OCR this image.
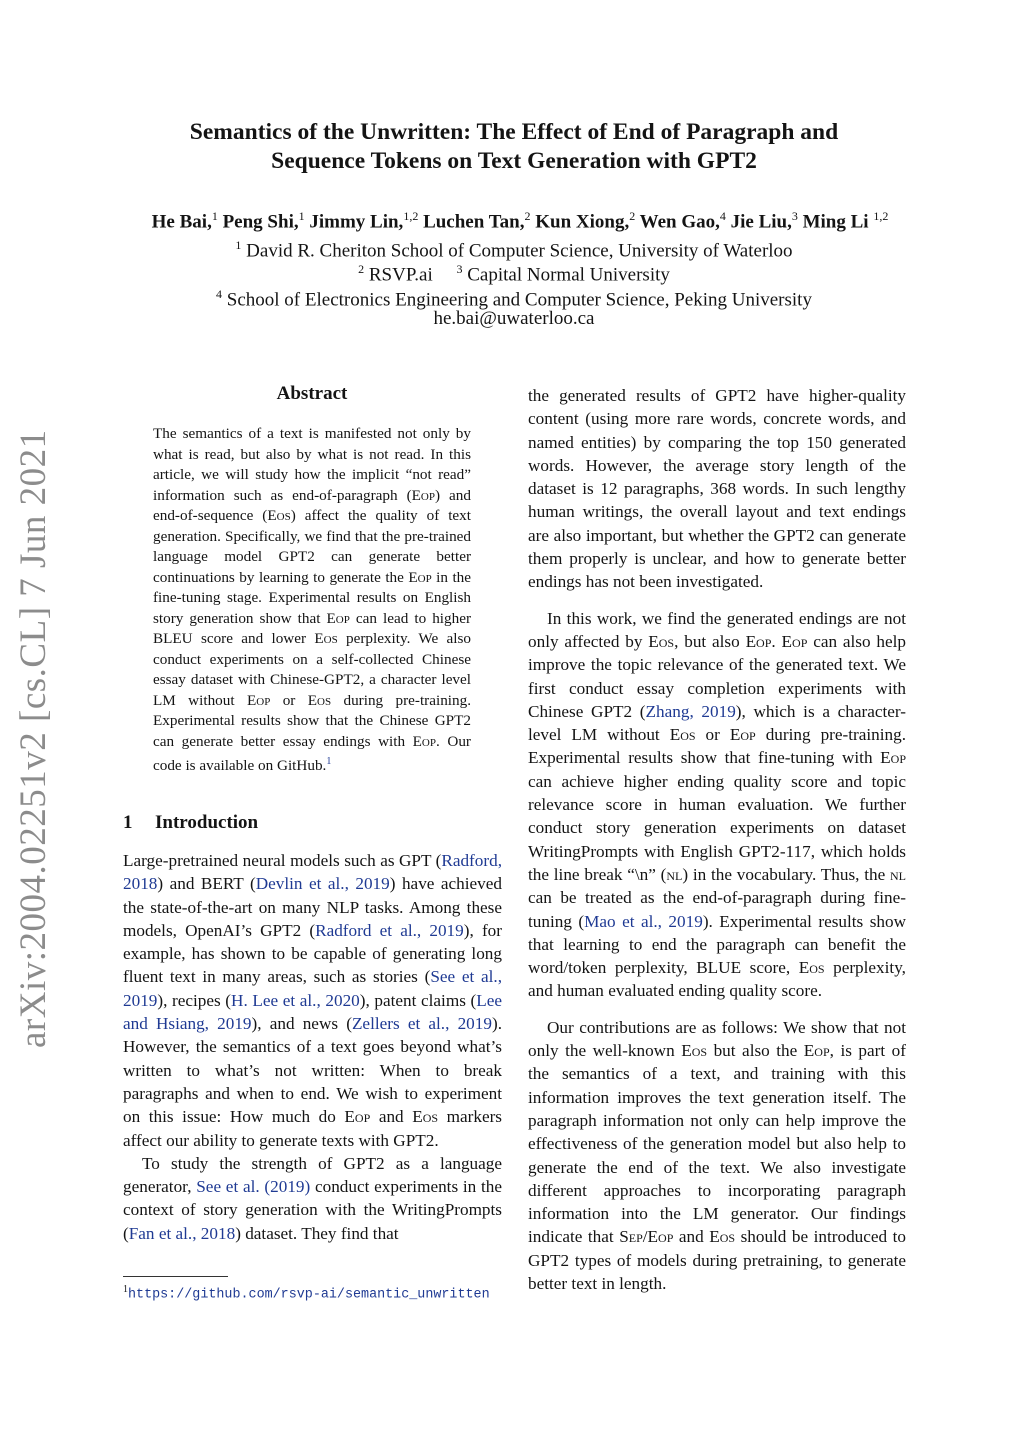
arXiv:2004.02251v2 [cs.CL] 7 Jun 2021
Semantics of the Unwritten: The Effect of End of Paragraph and
Sequence Tokens on Text Generation with GPT2
He Bai,$^1$ Peng Shi,$^1$ Jimmy Lin,$^{1,2}$ Luchen Tan,$^2$ Kun Xiong,$^2$ Wen Gao,$^4$ Jie Liu,$^3$ Ming Li $^{1,2}$
$^1$ David R. Cheriton School of Computer Science, University of Waterloo
$^2$ RSVP.ai $^3$ Capital Normal University
$^4$ School of Electronics Engineering and Computer Science, Peking University
he.bai@uwaterloo.ca
Abstract
The semantics of a text is manifested not only by what is read, but also by what is not read. In this article, we will study how the implicit “not read” information such as end-of-paragraph (Eop) and end-of-sequence (Eos) affect the quality of text generation. Specifically, we find that the pre-trained language model GPT2 can generate better continuations by learning to generate the Eop in the fine-tuning stage. Experimental results on English story generation show that Eop can lead to higher BLEU score and lower Eos perplexity. We also conduct experiments on a self-collected Chinese essay dataset with Chinese-GPT2, a character level LM without Eop or Eos during pre-training. Experimental results show that the Chinese GPT2 can generate better essay endings with Eop. Our code is available on GitHub.$^1$
1 Introduction

Large-pretrained neural models such as GPT (Radford, 2018) and BERT (Devlin et al., 2019) have achieved the state-of-the-art on many NLP tasks. Among these models, OpenAI’s GPT2 (Radford et al., 2019), for example, has shown to be capable of generating long fluent text in many areas, such as stories (See et al., 2019), recipes (H. Lee et al., 2020), patent claims (Lee and Hsiang, 2019), and news (Zellers et al., 2019). However, the semantics of a text goes beyond what’s written to what’s not written: When to break paragraphs and when to end. We wish to experiment on this issue: How much do Eop and Eos markers affect our ability to generate texts with GPT2.

To study the strength of GPT2 as a language generator, See et al. (2019) conduct experiments in the context of story generation with the WritingPrompts (Fan et al., 2018) dataset. They find that

$^1$https://github.com/rsvp-ai/semantic_unwritten

the generated results of GPT2 have higher-quality content (using more rare words, concrete words, and named entities) by comparing the top 150 generated words. However, the average story length of the dataset is 12 paragraphs, 368 words. In such lengthy human writings, the overall layout and text endings are also important, but whether the GPT2 can generate them properly is unclear, and how to generate better endings has not been investigated.

In this work, we find the generated endings are not only affected by Eos, but also Eop. Eop can also help improve the topic relevance of the generated text. We first conduct essay completion experiments with Chinese GPT2 (Zhang, 2019), which is a character-level LM without Eos or Eop during pre-training. Experimental results show that fine-tuning with Eop can achieve higher ending quality score and topic relevance score in human evaluation. We further conduct story generation experiments on dataset WritingPrompts with English GPT2-117, which holds the line break “\n” (nl) in the vocabulary. Thus, the nl can be treated as the end-of-paragraph during fine-tuning (Mao et al., 2019). Experimental results show that learning to end the paragraph can benefit the word/token perplexity, BLUE score, Eos perplexity, and human evaluated ending quality score.

Our contributions are as follows: We show that not only the well-known Eos but also the Eop, is part of the semantics of a text, and training with this information improves the text generation itself. The paragraph information not only can help improve the effectiveness of the generation model but also help to generate the end of the text. We also investigate different approaches to incorporating paragraph information into the LM generator. Our findings indicate that Sep/Eop and Eos should be introduced to GPT2 types of models during pretraining, to generate better text in length.
